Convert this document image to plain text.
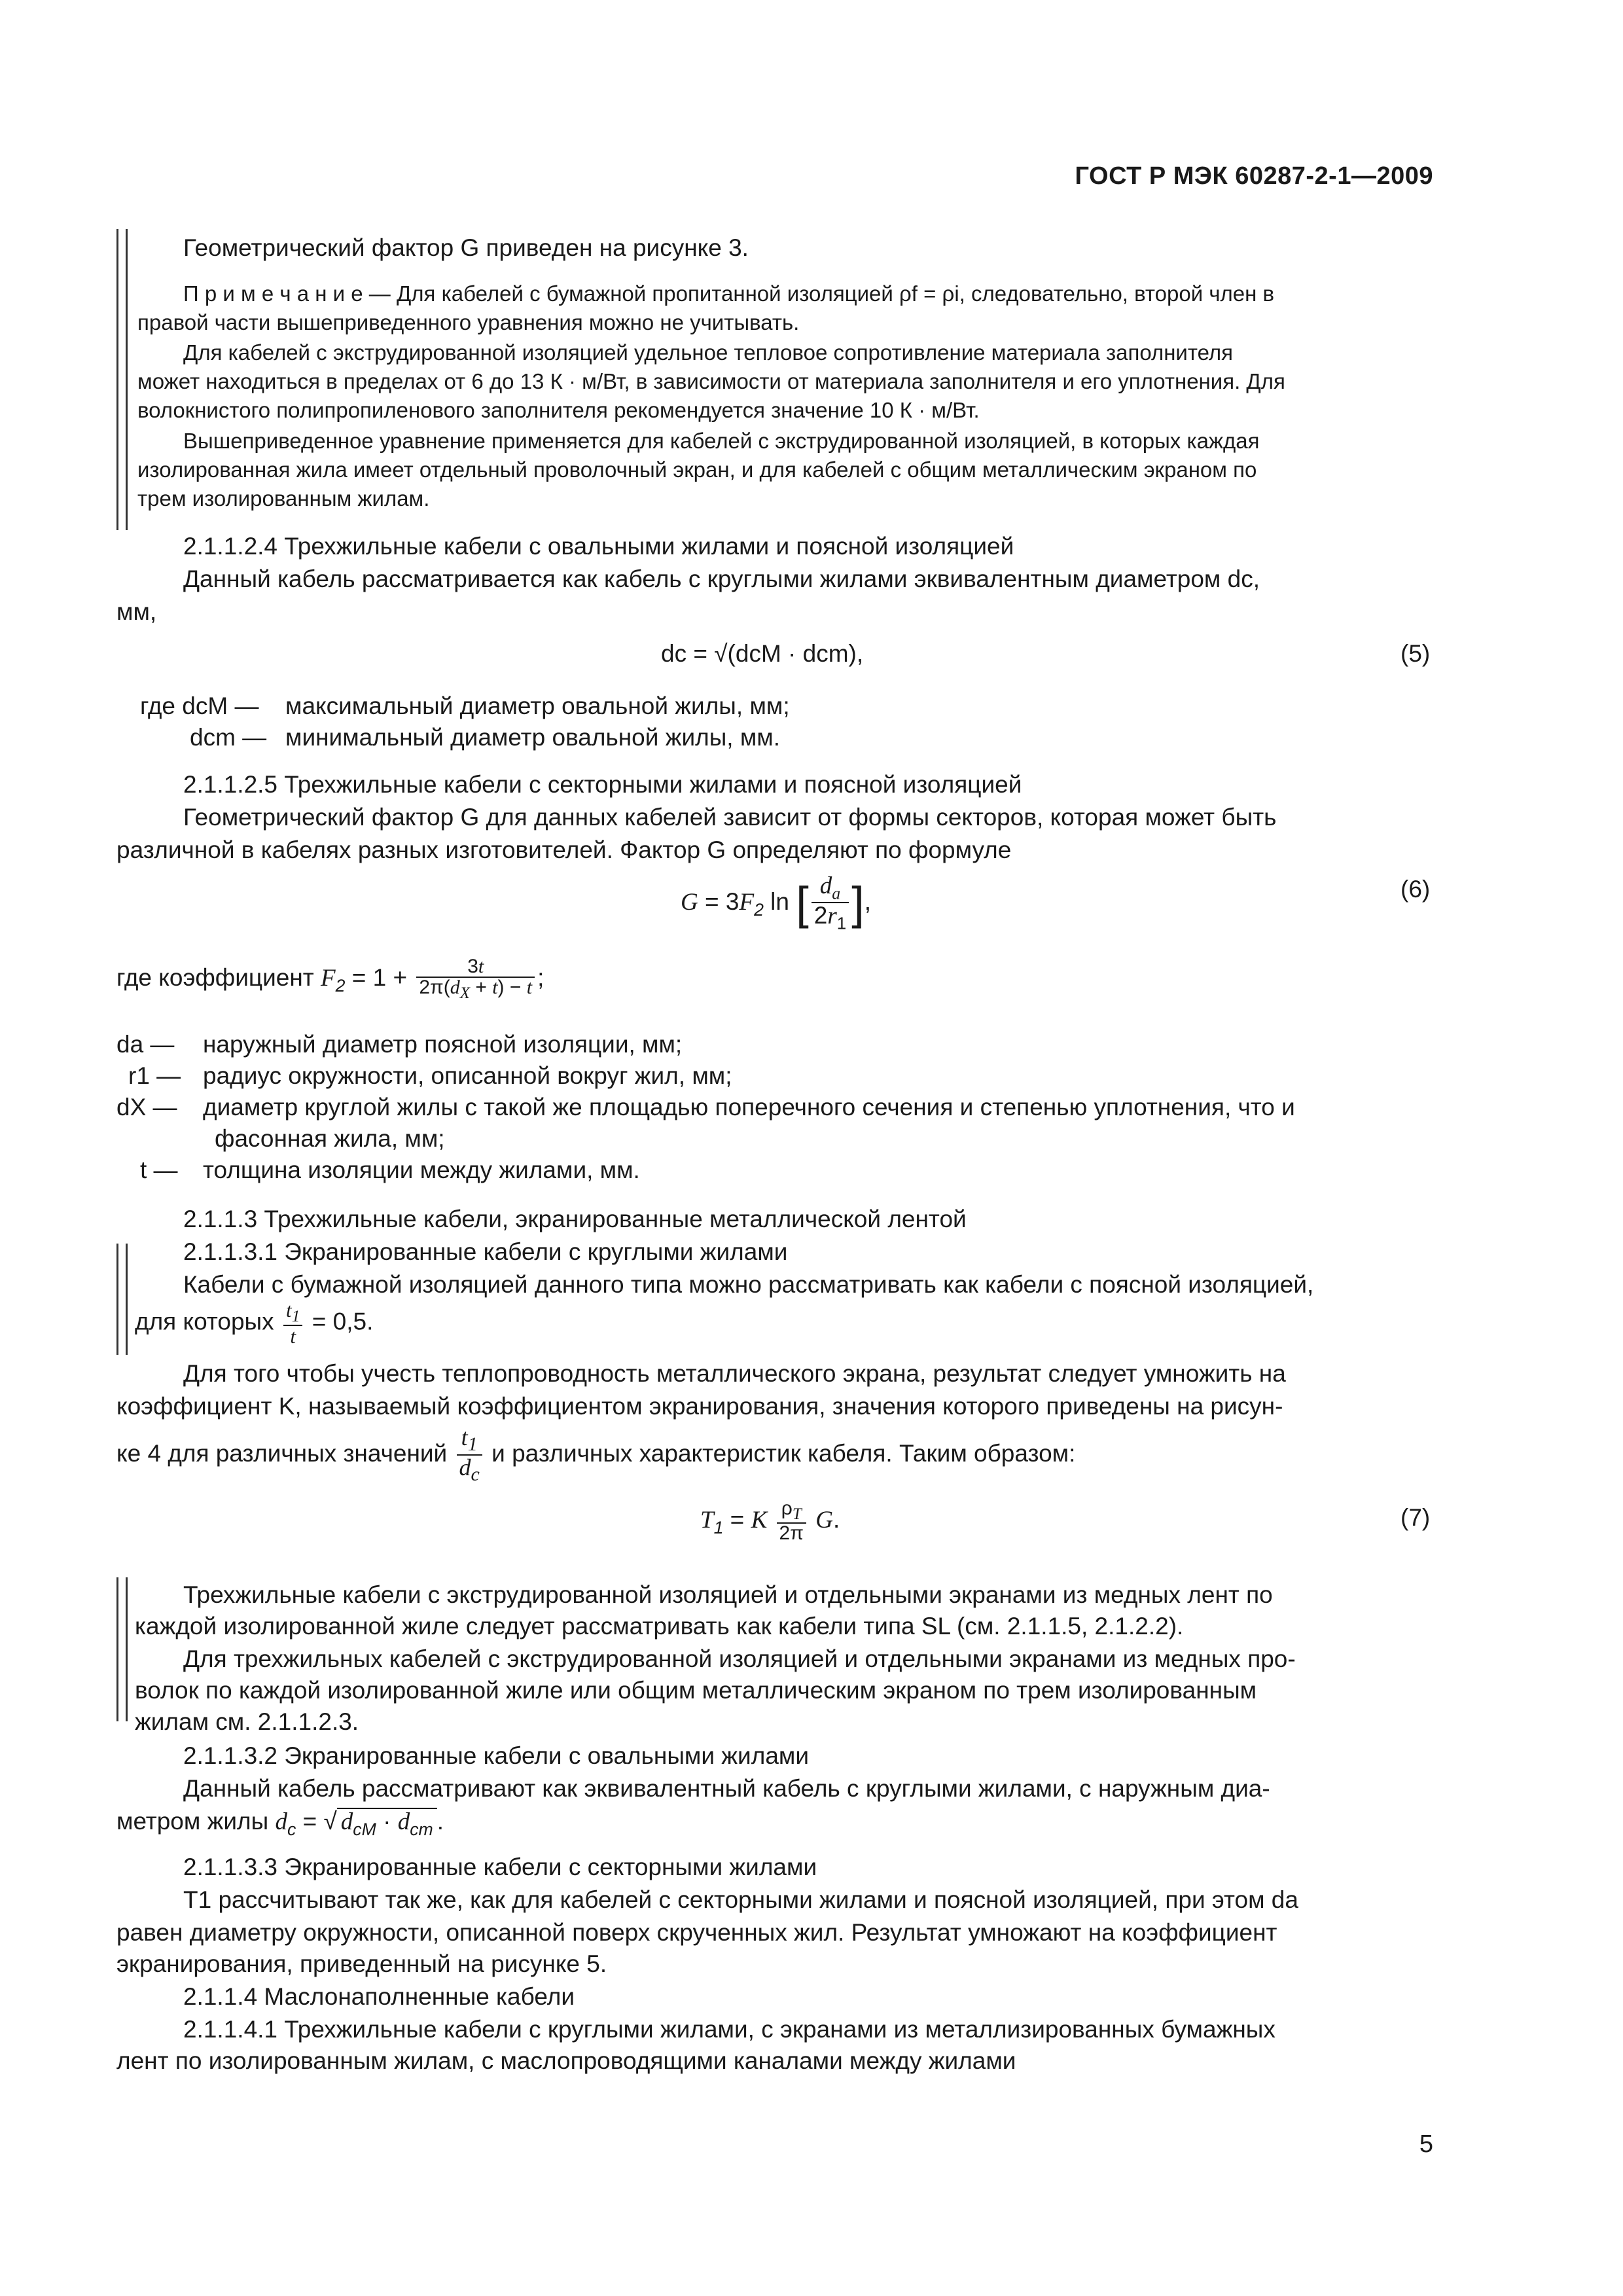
ГОСТ Р МЭК 60287-2-1—2009
Геометрический фактор G приведен на рисунке 3.
П р и м е ч а н и е — Для кабелей с бумажной пропитанной изоляцией ρf = ρi, следовательно, второй член в
правой части вышеприведенного уравнения можно не учитывать.
Для кабелей с экструдированной изоляцией удельное тепловое сопротивление материала заполнителя
может находиться в пределах от 6 до 13 К · м/Вт, в зависимости от материала заполнителя и его уплотнения. Для
волокнистого полипропиленового заполнителя рекомендуется значение 10 К · м/Вт.
Вышеприведенное уравнение применяется для кабелей с экструдированной изоляцией, в которых каждая
изолированная жила имеет отдельный проволочный экран, и для кабелей с общим металлическим экраном по
трем изолированным жилам.
2.1.1.2.4 Трехжильные кабели с овальными жилами и поясной изоляцией
Данный кабель рассматривается как кабель с круглыми жилами эквивалентным диаметром dc,
мм,
dc = √(dcM · dcm),	(5)
где dcM — максимальный диаметр овальной жилы, мм;
dcm — минимальный диаметр овальной жилы, мм.
2.1.1.2.5 Трехжильные кабели с секторными жилами и поясной изоляцией
Геометрический фактор G для данных кабелей зависит от формы секторов, которая может быть
различной в кабелях разных изготовителей. Фактор G определяют по формуле
$G = 3F_2$ ln [ $\frac{d_a}{2r_1}$ ],	(6)
где коэффициент $F_2 = 1 + \frac{3t}{2\pi(d_X + t) - t}$ ;
da — наружный диаметр поясной изоляции, мм;
r1 — радиус окружности, описанной вокруг жил, мм;
dX — диаметр круглой жилы с такой же площадью поперечного сечения и степенью уплотнения, что и
фасонная жила, мм;
t — толщина изоляции между жилами, мм.
2.1.1.3 Трехжильные кабели, экранированные металлической лентой
2.1.1.3.1 Экранированные кабели с круглыми жилами
Кабели с бумажной изоляцией данного типа можно рассматривать как кабели с поясной изоляцией,
для которых $\frac{t_1}{t} = 0,5$.
Для того чтобы учесть теплопроводность металлического экрана, результат следует умножить на
коэффициент K, называемый коэффициентом экранирования, значения которого приведены на рисун-
ке 4 для различных значений $\frac{t_1}{d_c}$ и различных характеристик кабеля. Таким образом:
$T_1 = K \frac{\rho_T}{2\pi} G$.	(7)
Трехжильные кабели с экструдированной изоляцией и отдельными экранами из медных лент по
каждой изолированной жиле следует рассматривать как кабели типа SL (см. 2.1.1.5, 2.1.2.2).
Для трехжильных кабелей с экструдированной изоляцией и отдельными экранами из медных про-
волок по каждой изолированной жиле или общим металлическим экраном по трем изолированным
жилам см. 2.1.1.2.3.
2.1.1.3.2 Экранированные кабели с овальными жилами
Данный кабель рассматривают как эквивалентный кабель с круглыми жилами, с наружным диа-
метром жилы $d_c$ = √ $d_{cM} \cdot d_{cm}$ .
2.1.1.3.3 Экранированные кабели с секторными жилами
T1 рассчитывают так же, как для кабелей с секторными жилами и поясной изоляцией, при этом da
равен диаметру окружности, описанной поверх скрученных жил. Результат умножают на коэффициент
экранирования, приведенный на рисунке 5.
2.1.1.4 Маслонаполненные кабели
2.1.1.4.1 Трехжильные кабели с круглыми жилами, с экранами из металлизированных бумажных
лент по изолированным жилам, с маслопроводящими каналами между жилами
5
